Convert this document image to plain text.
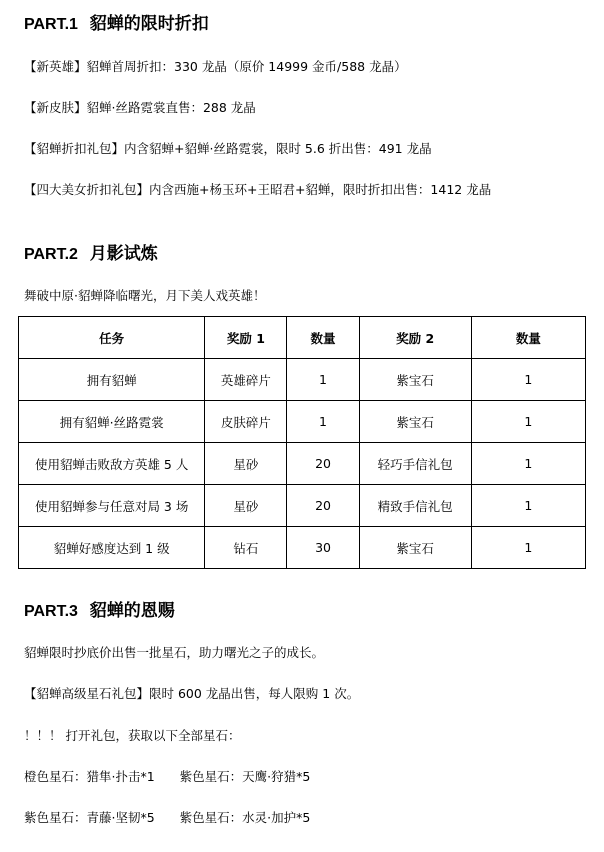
PART.1 貂蝉的限时折扣
【新英雄】貂蝉首周折扣：330 龙晶（原价 14999 金币/588 龙晶）
【新皮肤】貂蝉·丝路霓裳直售：288 龙晶
【貂蝉折扣礼包】内含貂蝉+貂蝉·丝路霓裳，限时 5.6 折出售：491 龙晶
【四大美女折扣礼包】内含西施+杨玉环+王昭君+貂蝉，限时折扣出售：1412 龙晶
PART.2 月影试炼
舞破中原·貂蝉降临曙光，月下美人戏英雄！
任务	奖励 1	数量	奖励 2	数量
拥有貂蝉	英雄碎片	1	紫宝石	1
拥有貂蝉·丝路霓裳	皮肤碎片	1	紫宝石	1
使用貂蝉击败敌方英雄 5 人	星砂	20	轻巧手信礼包	1
使用貂蝉参与任意对局 3 场	星砂	20	精致手信礼包	1
貂蝉好感度达到 1 级	钻石	30	紫宝石	1
PART.3 貂蝉的恩赐
貂蝉限时抄底价出售一批星石，助力曙光之子的成长。
【貂蝉高级星石礼包】限时 600 龙晶出售，每人限购 1 次。
！！！ 打开礼包，获取以下全部星石：
橙色星石：猎隼·扑击*1　　紫色星石：天鹰·狩猎*5
紫色星石：青藤·坚韧*5　　紫色星石：水灵·加护*5
